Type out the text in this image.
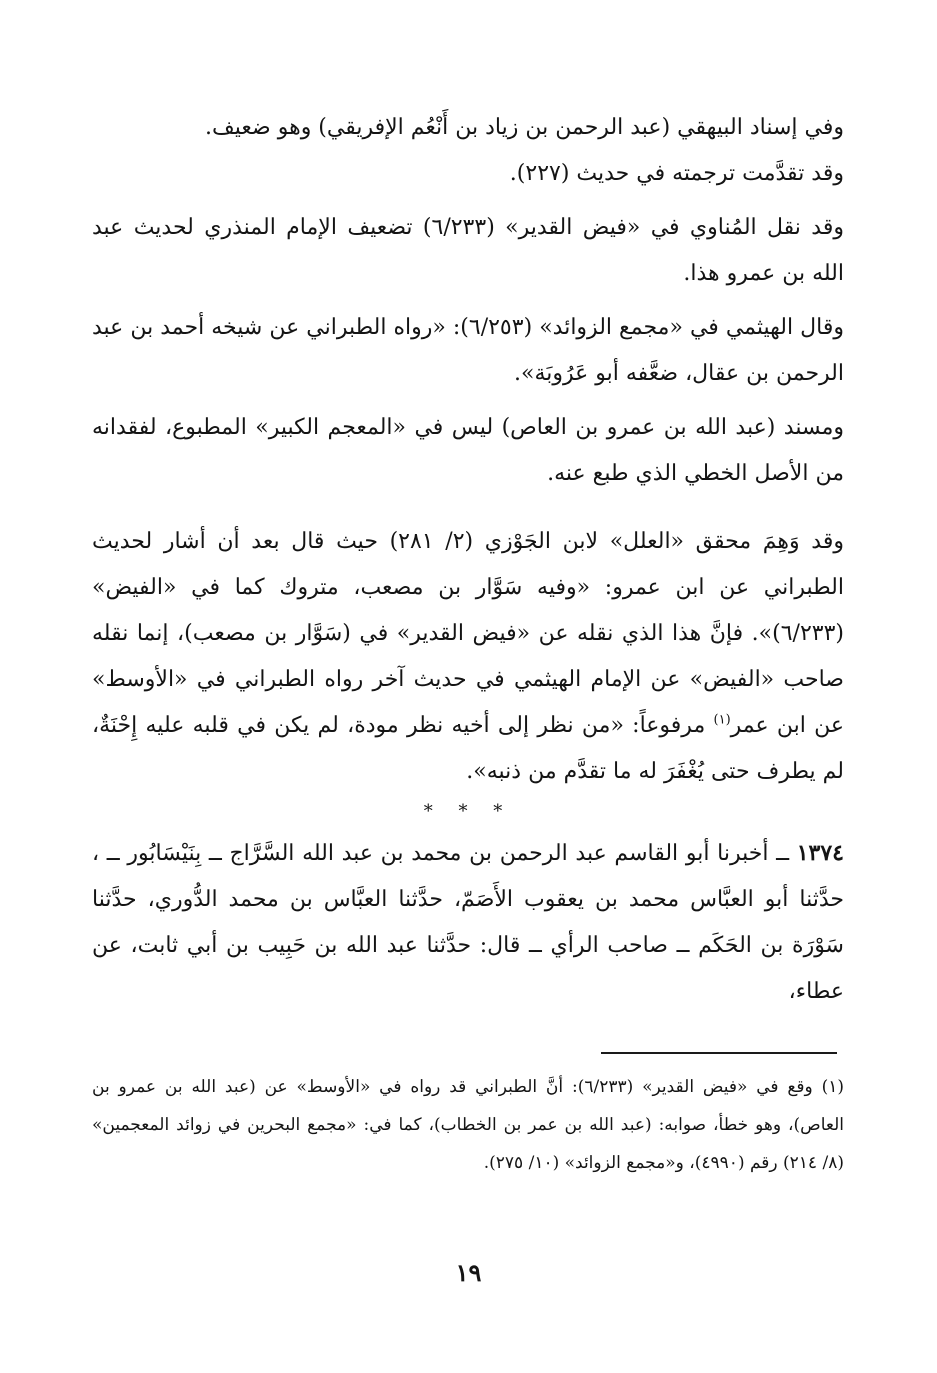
وفي إسناد البيهقي (عبد الرحمن بن زياد بن أَنْعُم الإفريقي) وهو ضعيف.
وقد تقدَّمت ترجمته في حديث (٢٢٧).

وقد نقل المُناوي في «فيض القدير» (٦/٢٣٣) تضعيف الإمام المنذري لحديث عبد الله بن عمرو هذا.

وقال الهيثمي في «مجمع الزوائد» (٦/٢٥٣): «رواه الطبراني عن شيخه أحمد بن عبد الرحمن بن عقال، ضعَّفه أبو عَرُوبَة».

ومسند (عبد الله بن عمرو بن العاص) ليس في «المعجم الكبير» المطبوع، لفقدانه من الأصل الخطي الذي طبع عنه.

وقد وَهِمَ محقق «العلل» لابن الجَوْزي (٢/ ٢٨١) حيث قال بعد أن أشار لحديث الطبراني عن ابن عمرو: «وفيه سَوَّار بن مصعب، متروك كما في «الفيض» (٦/٢٣٣)». فإنَّ هذا الذي نقله عن «فيض القدير» في (سَوَّار بن مصعب)، إنما نقله صاحب «الفيض» عن الإمام الهيثمي في حديث آخر رواه الطبراني في «الأوسط» عن ابن عمر$^{(١)}$ مرفوعاً: «من نظر إلى أخيه نظر مودة، لم يكن في قلبه عليه إِحْنَةٌ، لم يطرف حتى يُغْفَرَ له ما تقدَّم من ذنبه».

* * *

١٣٧٤ ــ أخبرنا أبو القاسم عبد الرحمن بن محمد بن عبد الله السَّرَّاج ــ بِنَيْسَابُور ــ ، حدَّثنا أبو العبَّاس محمد بن يعقوب الأَصَمّ، حدَّثنا العبَّاس بن محمد الدُّوري، حدَّثنا سَوْرَة بن الحَكَم ــ صاحب الرأي ــ قال: حدَّثنا عبد الله بن حَبِيب بن أبي ثابت، عن عطاء،

(١) وقع في «فيض القدير» (٦/٢٣٣): أنَّ الطبراني قد رواه في «الأوسط» عن (عبد الله بن عمرو بن العاص)، وهو خطأ، صوابه: (عبد الله بن عمر بن الخطاب)، كما في: «مجمع البحرين في زوائد المعجمين» (٨/ ٢١٤) رقم (٤٩٩٠)، و«مجمع الزوائد» (١٠/ ٢٧٥).

١٩
